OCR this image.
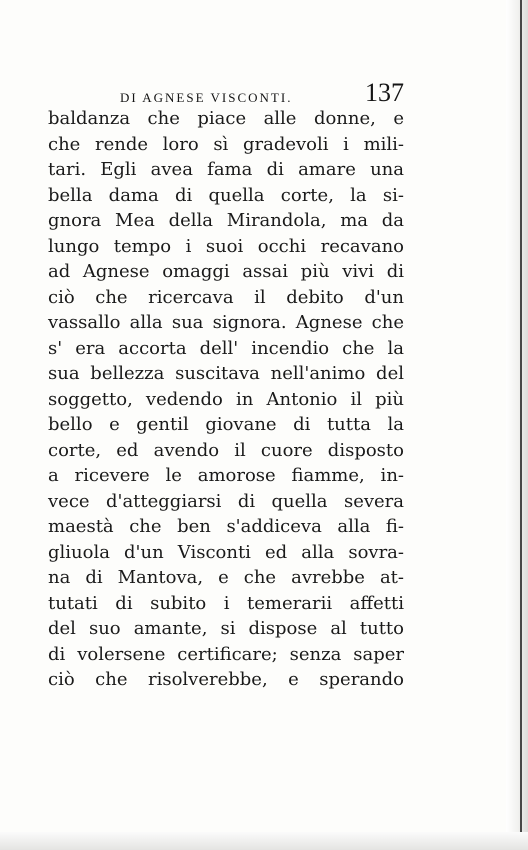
DI AGNESE VISCONTI.	137
baldanza che piace alle donne, e
che rende loro sì gradevoli i mili-
tari. Egli avea fama di amare una
bella dama di quella corte, la si-
gnora Mea della Mirandola, ma da
lungo tempo i suoi occhi recavano
ad Agnese omaggi assai più vivi di
ciò che ricercava il debito d'un
vassallo alla sua signora. Agnese che
s' era accorta dell' incendio che la
sua bellezza suscitava nell'animo del
soggetto, vedendo in Antonio il più
bello e gentil giovane di tutta la
corte, ed avendo il cuore disposto
a ricevere le amorose fiamme, in-
vece d'atteggiarsi di quella severa
maestà che ben s'addiceva alla fi-
gliuola d'un Visconti ed alla sovra-
na di Mantova, e che avrebbe at-
tutati di subito i temerarii affetti
del suo amante, si dispose al tutto
di volersene certificare; senza saper
ciò che risolverebbe, e sperando
